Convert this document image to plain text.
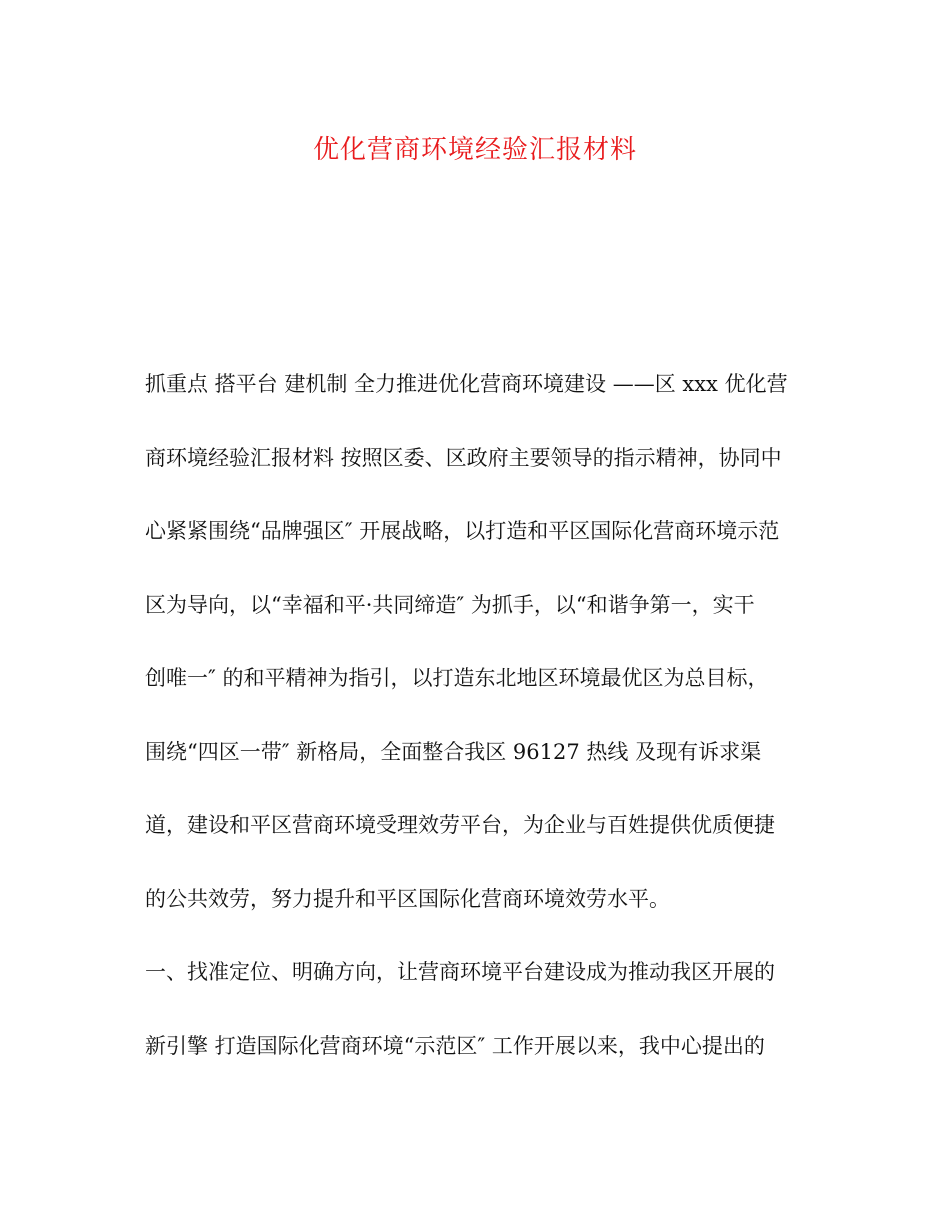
优化营商环境经验汇报材料

抓重点 搭平台 建机制 全力推进优化营商环境建设 ——区 xxx 优化营

商环境经验汇报材料 按照区委、区政府主要领导的指示精神，协同中

心紧紧围绕“品牌强区″ 开展战略，以打造和平区国际化营商环境示范

区为导向，以“幸福和平·共同缔造″ 为抓手，以“和谐争第一，实干

创唯一″ 的和平精神为指引，以打造东北地区环境最优区为总目标，

围绕“四区一带″ 新格局，全面整合我区 96127 热线 及现有诉求渠

道，建设和平区营商环境受理效劳平台，为企业与百姓提供优质便捷

的公共效劳，努力提升和平区国际化营商环境效劳水平。

一、找准定位、明确方向，让营商环境平台建设成为推动我区开展的

新引擎 打造国际化营商环境“示范区″ 工作开展以来，我中心提出的
